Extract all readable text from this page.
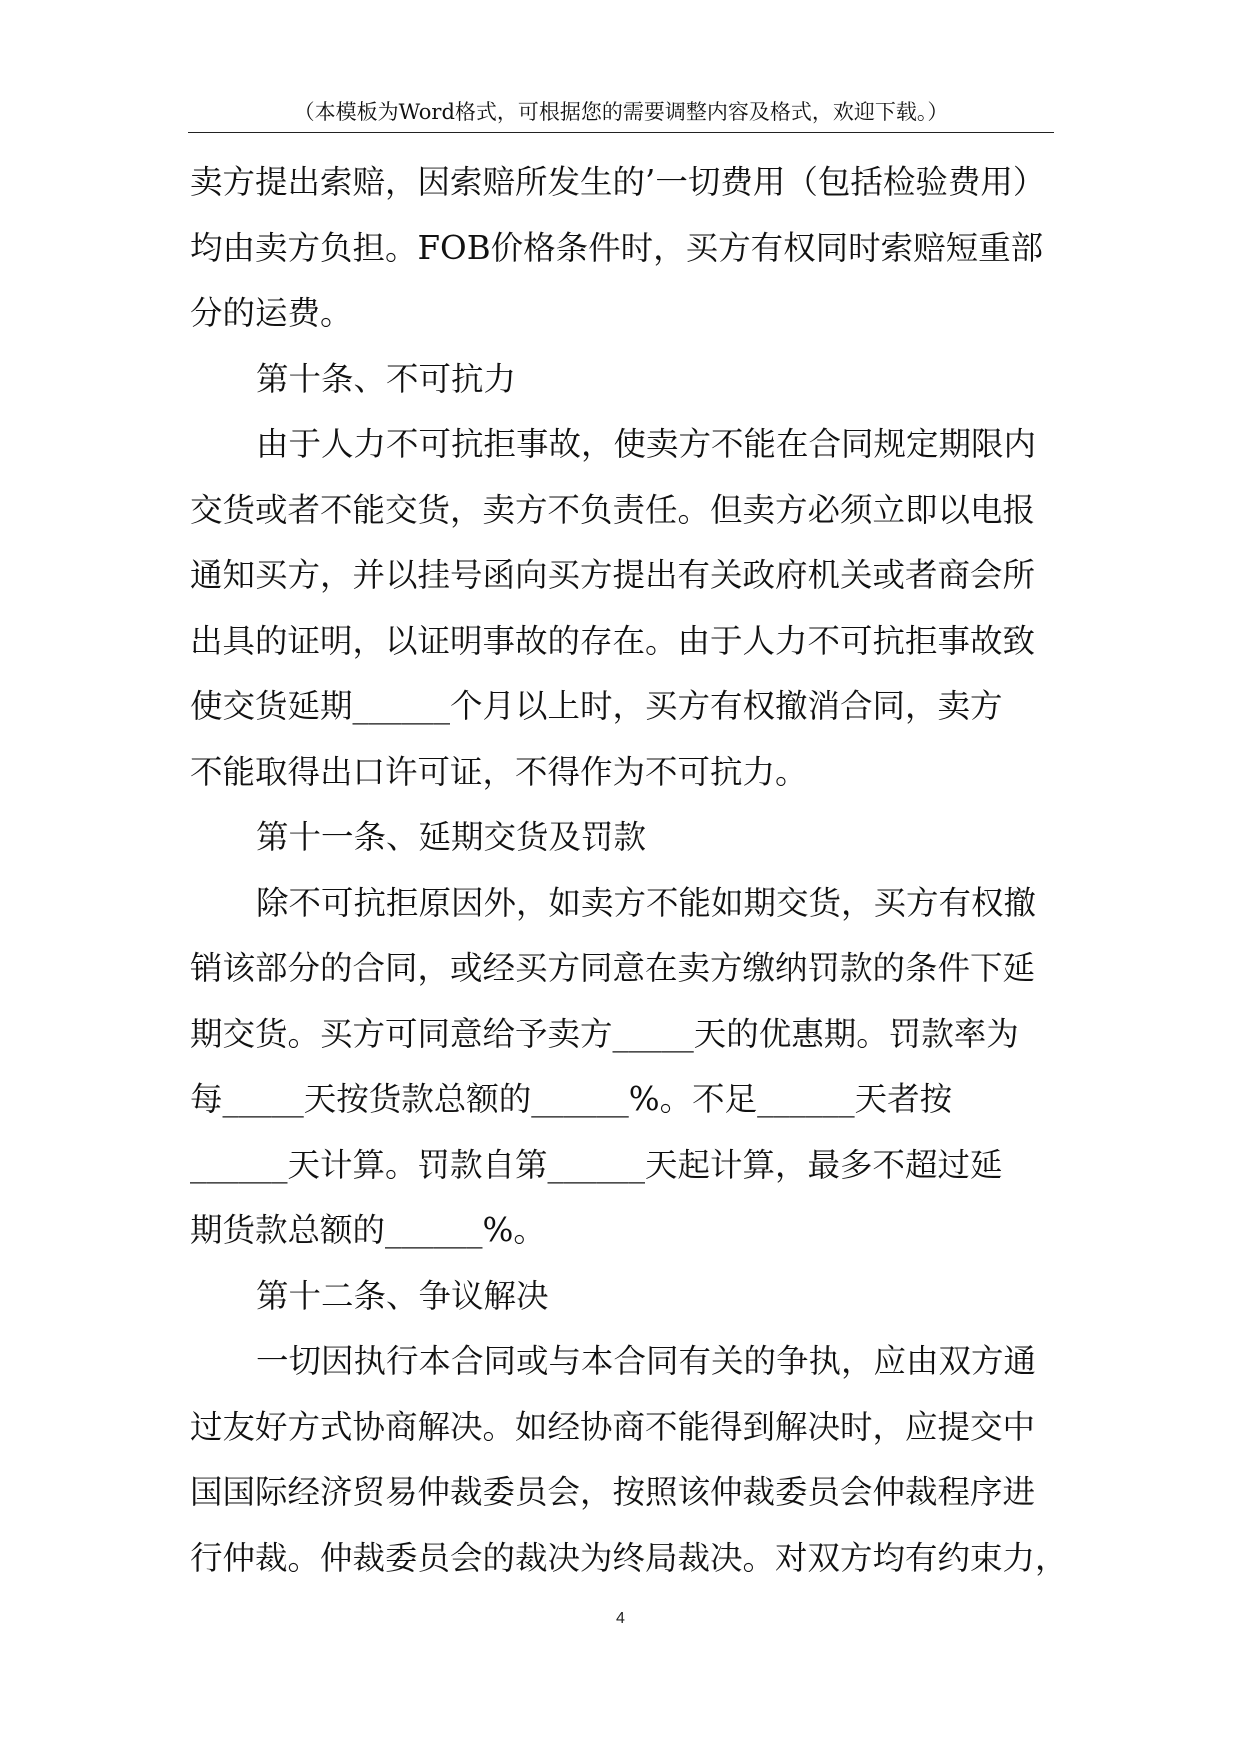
（本模板为Word格式，可根据您的需要调整内容及格式，欢迎下载。）
卖方提出索赔，因索赔所发生的’一切费用（包括检验费用）
均由卖方负担。FOB价格条件时，买方有权同时索赔短重部
分的运费。
第十条、不可抗力
由于人力不可抗拒事故，使卖方不能在合同规定期限内
交货或者不能交货，卖方不负责任。但卖方必须立即以电报
通知买方，并以挂号函向买方提出有关政府机关或者商会所
出具的证明，以证明事故的存在。由于人力不可抗拒事故致
使交货延期______个月以上时，买方有权撤消合同，卖方
不能取得出口许可证，不得作为不可抗力。
第十一条、延期交货及罚款
除不可抗拒原因外，如卖方不能如期交货，买方有权撤
销该部分的合同，或经买方同意在卖方缴纳罚款的条件下延
期交货。买方可同意给予卖方_____天的优惠期。罚款率为
每_____天按货款总额的______%。不足______天者按
______天计算。罚款自第______天起计算，最多不超过延
期货款总额的______%。
第十二条、争议解决
一切因执行本合同或与本合同有关的争执，应由双方通
过友好方式协商解决。如经协商不能得到解决时，应提交中
国国际经济贸易仲裁委员会，按照该仲裁委员会仲裁程序进
行仲裁。仲裁委员会的裁决为终局裁决。对双方均有约束力，
4
